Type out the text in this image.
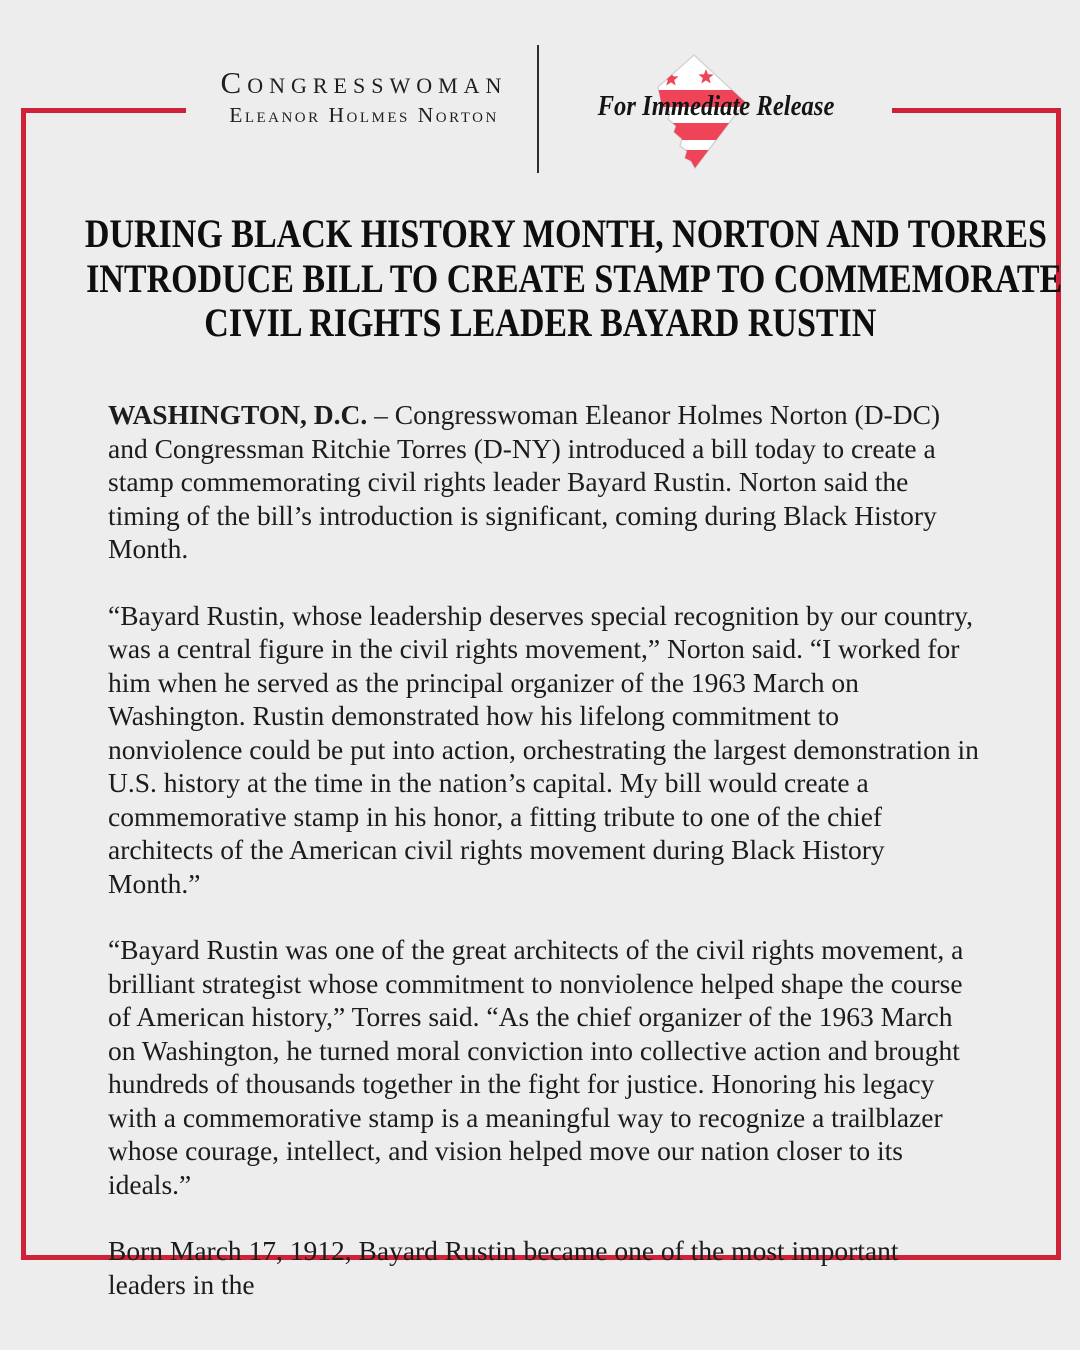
Congresswoman
Eleanor Holmes Norton	For Immediate Release
DURING BLACK HISTORY MONTH, NORTON AND TORRES
INTRODUCE BILL TO CREATE STAMP TO COMMEMORATE
CIVIL RIGHTS LEADER BAYARD RUSTIN

WASHINGTON, D.C. – Congresswoman Eleanor Holmes Norton (D-DC) and Congressman Ritchie Torres (D-NY) introduced a bill today to create a stamp commemorating civil rights leader Bayard Rustin. Norton said the timing of the bill’s introduction is significant, coming during Black History Month.

“Bayard Rustin, whose leadership deserves special recognition by our country, was a central figure in the civil rights movement,” Norton said. “I worked for him when he served as the principal organizer of the 1963 March on Washington. Rustin demonstrated how his lifelong commitment to nonviolence could be put into action, orchestrating the largest demonstration in U.S. history at the time in the nation’s capital. My bill would create a commemorative stamp in his honor, a fitting tribute to one of the chief architects of the American civil rights movement during Black History Month.”

“Bayard Rustin was one of the great architects of the civil rights movement, a brilliant strategist whose commitment to nonviolence helped shape the course of American history,” Torres said. “As the chief organizer of the 1963 March on Washington, he turned moral conviction into collective action and brought hundreds of thousands together in the fight for justice. Honoring his legacy with a commemorative stamp is a meaningful way to recognize a trailblazer whose courage, intellect, and vision helped move our nation closer to its ideals.”

Born March 17, 1912, Bayard Rustin became one of the most important leaders in the
